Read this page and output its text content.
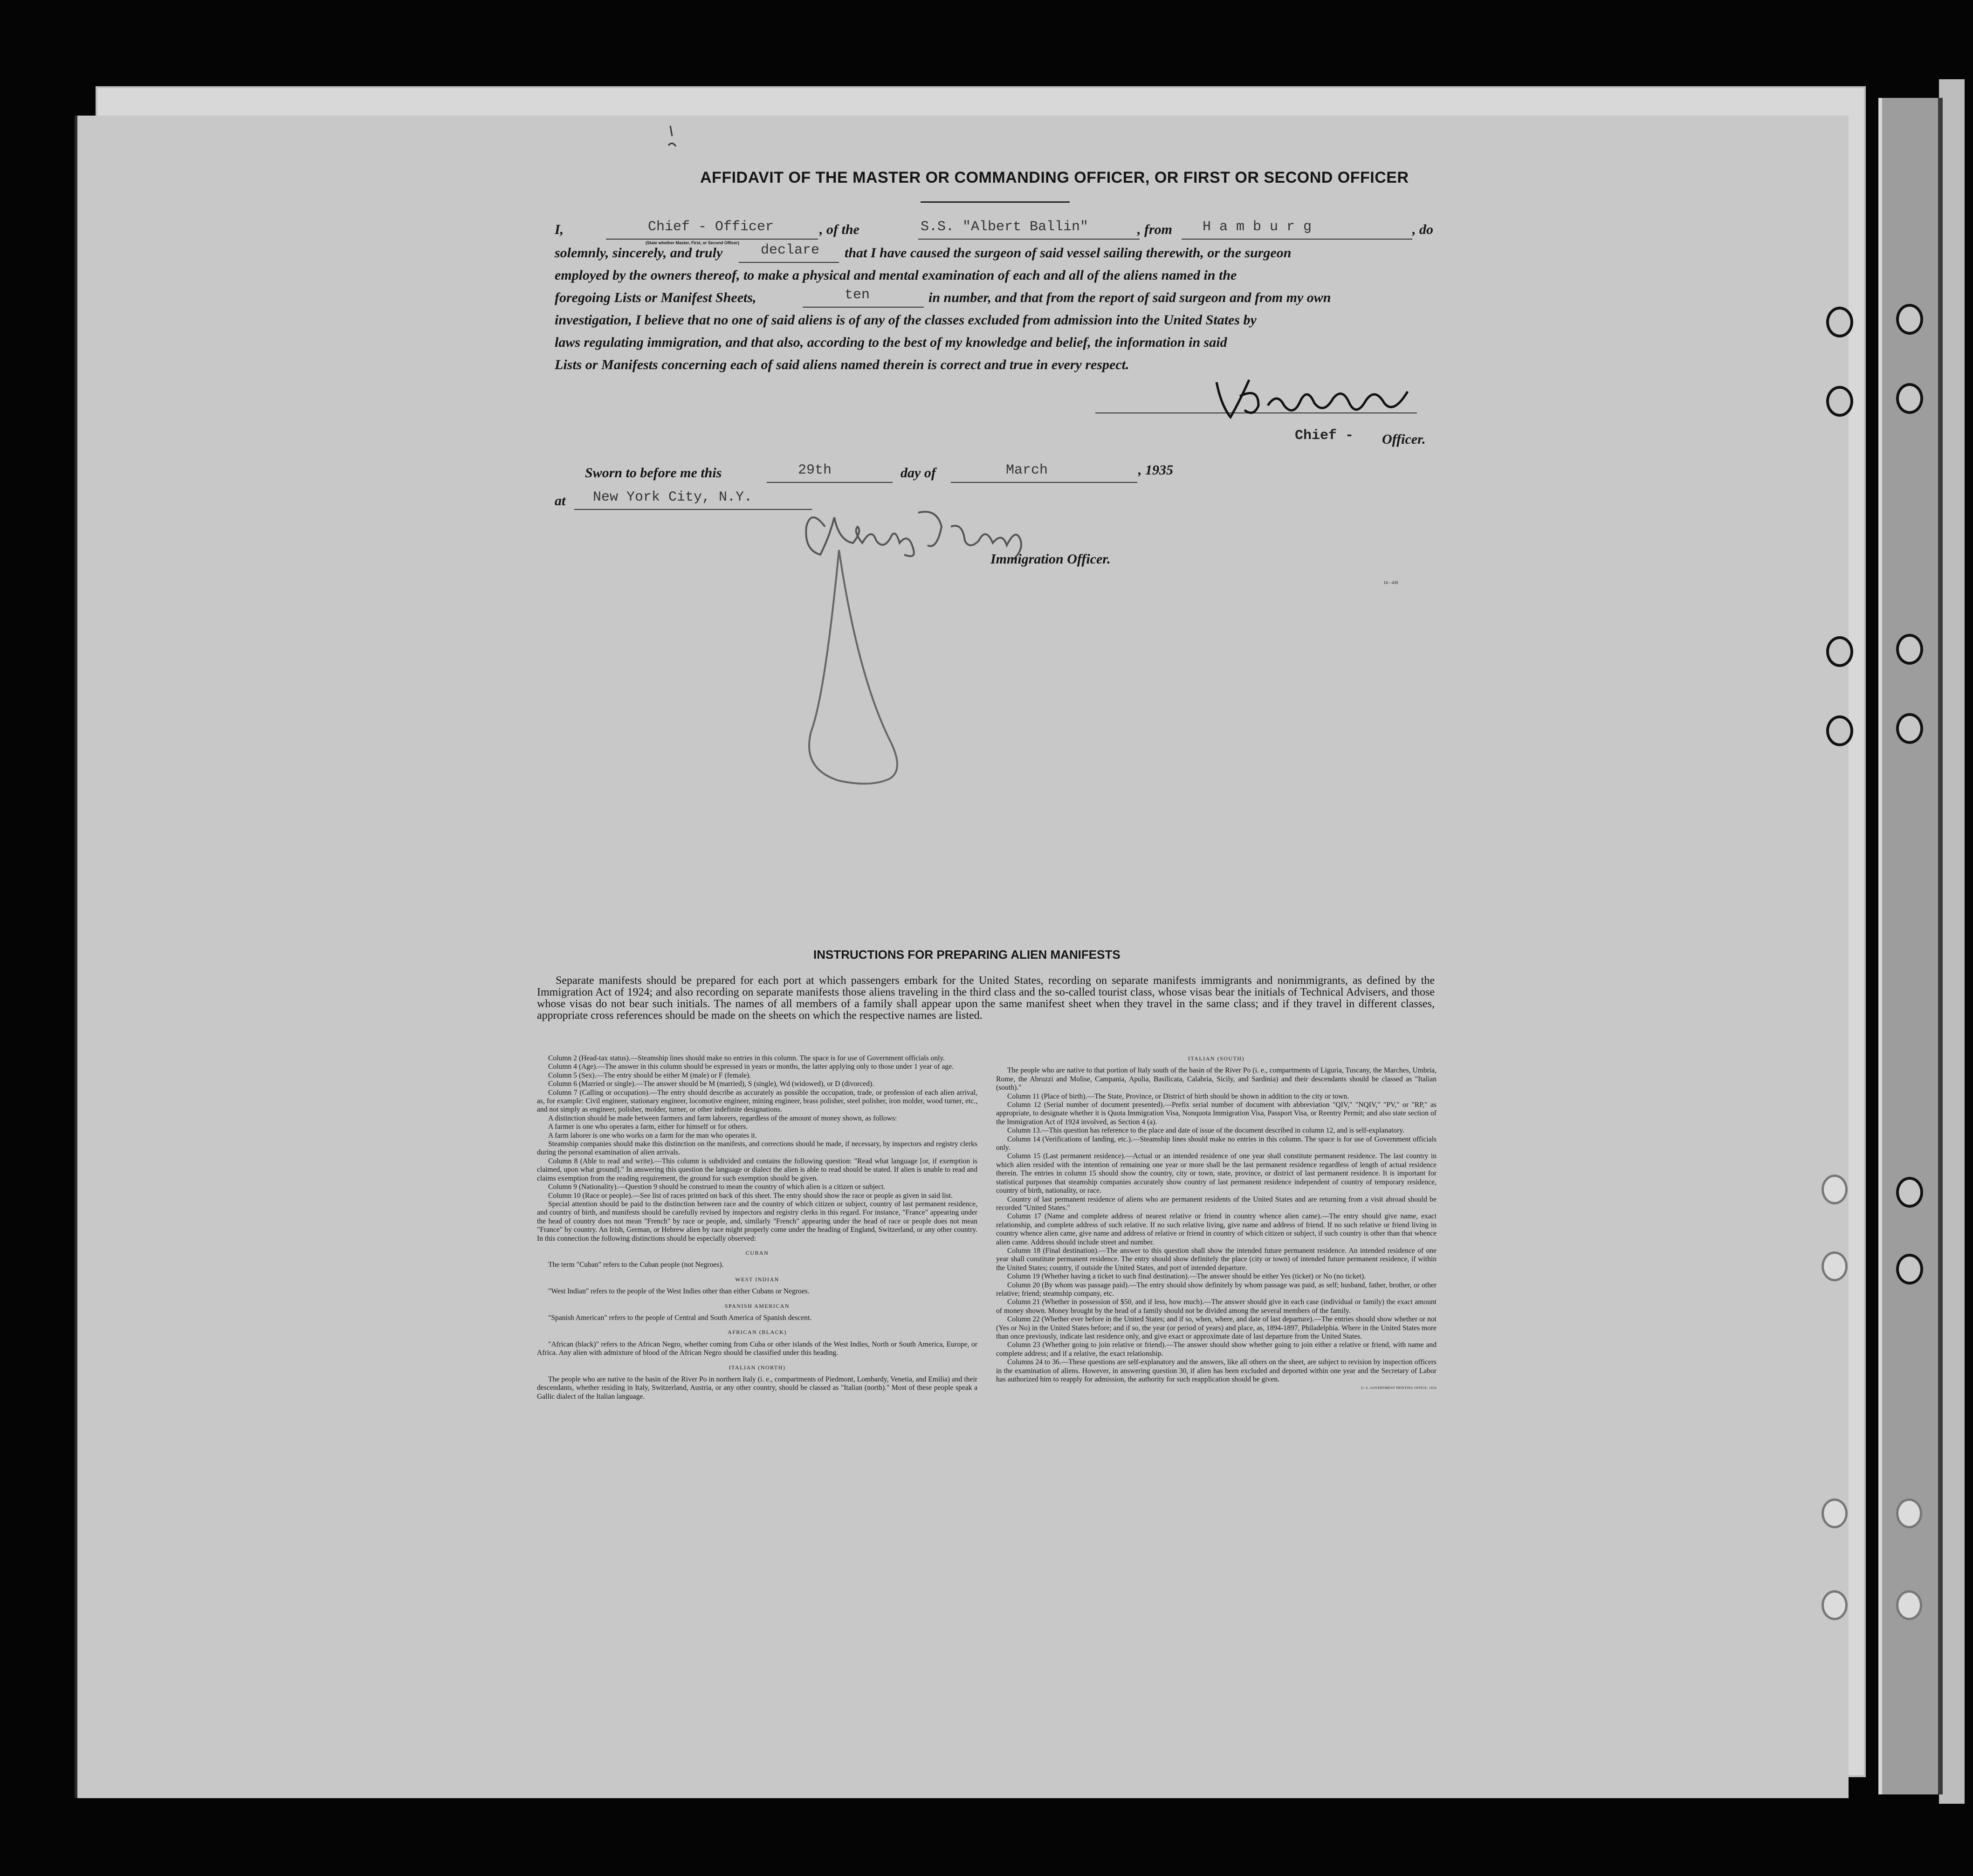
AFFIDAVIT OF THE MASTER OR COMMANDING OFFICER, OR FIRST OR SECOND OFFICER
I,	Chief - Officer	, of the	S.S. "Albert Ballin"	, from H a m b u r g	, do
(State whether Master, First, or Second Officer)
solemnly, sincerely, and truly	declare that I have caused the surgeon of said vessel sailing therewith, or the surgeon
employed by the owners thereof, to make a physical and mental examination of each and all of the aliens named in the
foregoing Lists or Manifest Sheets,	ten	in number, and that from the report of said surgeon and from my own
investigation, I believe that no one of said aliens is of any of the classes excluded from admission into the United States by
laws regulating immigration, and that also, according to the best of my knowledge and belief, the information in said
Lists or Manifests concerning each of said aliens named therein is correct and true in every respect.
Chief - Officer.
Sworn to before me this	29th	day of	March	, 1935
at New York City, N.Y.
Immigration Officer.
14—430
INSTRUCTIONS FOR PREPARING ALIEN MANIFESTS
Separate manifests should be prepared for each port at which passengers embark for the United States, recording on separate manifests immigrants and nonimmigrants, as defined by the Immigration Act of 1924; and also recording on separate manifests those aliens traveling in the third class and the so-called tourist class, whose visas bear the initials of Technical Advisers, and those whose visas do not bear such initials. The names of all members of a family shall appear upon the same manifest sheet when they travel in the same class; and if they travel in different classes, appropriate cross references should be made on the sheets on which the respective names are listed.

Column 2 (Head-tax status).—Steamship lines should make no entries in this column. The space is for use of Government officials only.

Column 4 (Age).—The answer in this column should be expressed in years or months, the latter applying only to those under 1 year of age.

Column 5 (Sex).—The entry should be either M (male) or F (female).

Column 6 (Married or single).—The answer should be M (married), S (single), Wd (widowed), or D (divorced).

Column 7 (Calling or occupation).—The entry should describe as accurately as possible the occupation, trade, or profession of each alien arrival, as, for example: Civil engineer, stationary engineer, locomotive engineer, mining engineer, brass polisher, steel polisher, iron molder, wood turner, etc., and not simply as engineer, polisher, molder, turner, or other indefinite designations.

A distinction should be made between farmers and farm laborers, regardless of the amount of money shown, as follows:

A farmer is one who operates a farm, either for himself or for others.

A farm laborer is one who works on a farm for the man who operates it.

Steamship companies should make this distinction on the manifests, and corrections should be made, if necessary, by inspectors and registry clerks during the personal examination of alien arrivals.

Column 8 (Able to read and write).—This column is subdivided and contains the following question: "Read what language [or, if exemption is claimed, upon what ground]." In answering this question the language or dialect the alien is able to read should be stated. If alien is unable to read and claims exemption from the reading requirement, the ground for such exemption should be given.

Column 9 (Nationality).—Question 9 should be construed to mean the country of which alien is a citizen or subject.

Column 10 (Race or people).—See list of races printed on back of this sheet. The entry should show the race or people as given in said list.

Special attention should be paid to the distinction between race and the country of which citizen or subject, country of last permanent residence, and country of birth, and manifests should be carefully revised by inspectors and registry clerks in this regard. For instance, "France" appearing under the head of country does not mean "French" by race or people, and, similarly "French" appearing under the head of race or people does not mean "France" by country. An Irish, German, or Hebrew alien by race might properly come under the heading of England, Switzerland, or any other country. In this connection the following distinctions should be especially observed:

CUBAN

The term "Cuban" refers to the Cuban people (not Negroes).

WEST INDIAN

"West Indian" refers to the people of the West Indies other than either Cubans or Negroes.

SPANISH AMERICAN

"Spanish American" refers to the people of Central and South America of Spanish descent.

AFRICAN (BLACK)

"African (black)" refers to the African Negro, whether coming from Cuba or other islands of the West Indies, North or South America, Europe, or Africa. Any alien with admixture of blood of the African Negro should be classified under this heading.

ITALIAN (NORTH)

The people who are native to the basin of the River Po in northern Italy (i. e., compartments of Piedmont, Lombardy, Venetia, and Emilia) and their descendants, whether residing in Italy, Switzerland, Austria, or any other country, should be classed as "Italian (north)." Most of these people speak a Gallic dialect of the Italian language.

ITALIAN (SOUTH)

The people who are native to that portion of Italy south of the basin of the River Po (i. e., compartments of Liguria, Tuscany, the Marches, Umbria, Rome, the Abruzzi and Molise, Campania, Apulia, Basilicata, Calabria, Sicily, and Sardinia) and their descendants should be classed as "Italian (south)."

Column 11 (Place of birth).—The State, Province, or District of birth should be shown in addition to the city or town.

Column 12 (Serial number of document presented).—Prefix serial number of document with abbreviation "QIV," "NQIV," "PV," or "RP," as appropriate, to designate whether it is Quota Immigration Visa, Nonquota Immigration Visa, Passport Visa, or Reentry Permit; and also state section of the Immigration Act of 1924 involved, as Section 4 (a).

Column 13.—This question has reference to the place and date of issue of the document described in column 12, and is self-explanatory.

Column 14 (Verifications of landing, etc.).—Steamship lines should make no entries in this column. The space is for use of Government officials only.

Column 15 (Last permanent residence).—Actual or an intended residence of one year shall constitute permanent residence. The last country in which alien resided with the intention of remaining one year or more shall be the last permanent residence regardless of length of actual residence therein. The entries in column 15 should show the country, city or town, state, province, or district of last permanent residence. It is important for statistical purposes that steamship companies accurately show country of last permanent residence independent of country of temporary residence, country of birth, nationality, or race.

Country of last permanent residence of aliens who are permanent residents of the United States and are returning from a visit abroad should be recorded "United States."

Column 17 (Name and complete address of nearest relative or friend in country whence alien came).—The entry should give name, exact relationship, and complete address of such relative. If no such relative living, give name and address of friend. If no such relative or friend living in country whence alien came, give name and address of relative or friend in country of which citizen or subject, if such country is other than that whence alien came. Address should include street and number.

Column 18 (Final destination).—The answer to this question shall show the intended future permanent residence. An intended residence of one year shall constitute permanent residence. The entry should show definitely the place (city or town) of intended future permanent residence, if within the United States; country, if outside the United States, and port of intended departure.

Column 19 (Whether having a ticket to such final destination).—The answer should be either Yes (ticket) or No (no ticket).

Column 20 (By whom was passage paid).—The entry should show definitely by whom passage was paid, as self; husband, father, brother, or other relative; friend; steamship company, etc.

Column 21 (Whether in possession of $50, and if less, how much).—The answer should give in each case (individual or family) the exact amount of money shown. Money brought by the head of a family should not be divided among the several members of the family.

Column 22 (Whether ever before in the United States; and if so, when, where, and date of last departure).—The entries should show whether or not (Yes or No) in the United States before; and if so, the year (or period of years) and place, as, 1894-1897, Philadelphia. Where in the United States more than once previously, indicate last residence only, and give exact or approximate date of last departure from the United States.

Column 23 (Whether going to join relative or friend).—The answer should show whether going to join either a relative or friend, with name and complete address; and if a relative, the exact relationship.

Columns 24 to 36.—These questions are self-explanatory and the answers, like all others on the sheet, are subject to revision by inspection officers in the examination of aliens. However, in answering question 30, if alien has been excluded and deported within one year and the Secretary of Labor has authorized him to reapply for admission, the authority for such reapplication should be given.

U. S. GOVERNMENT PRINTING OFFICE: 1934
